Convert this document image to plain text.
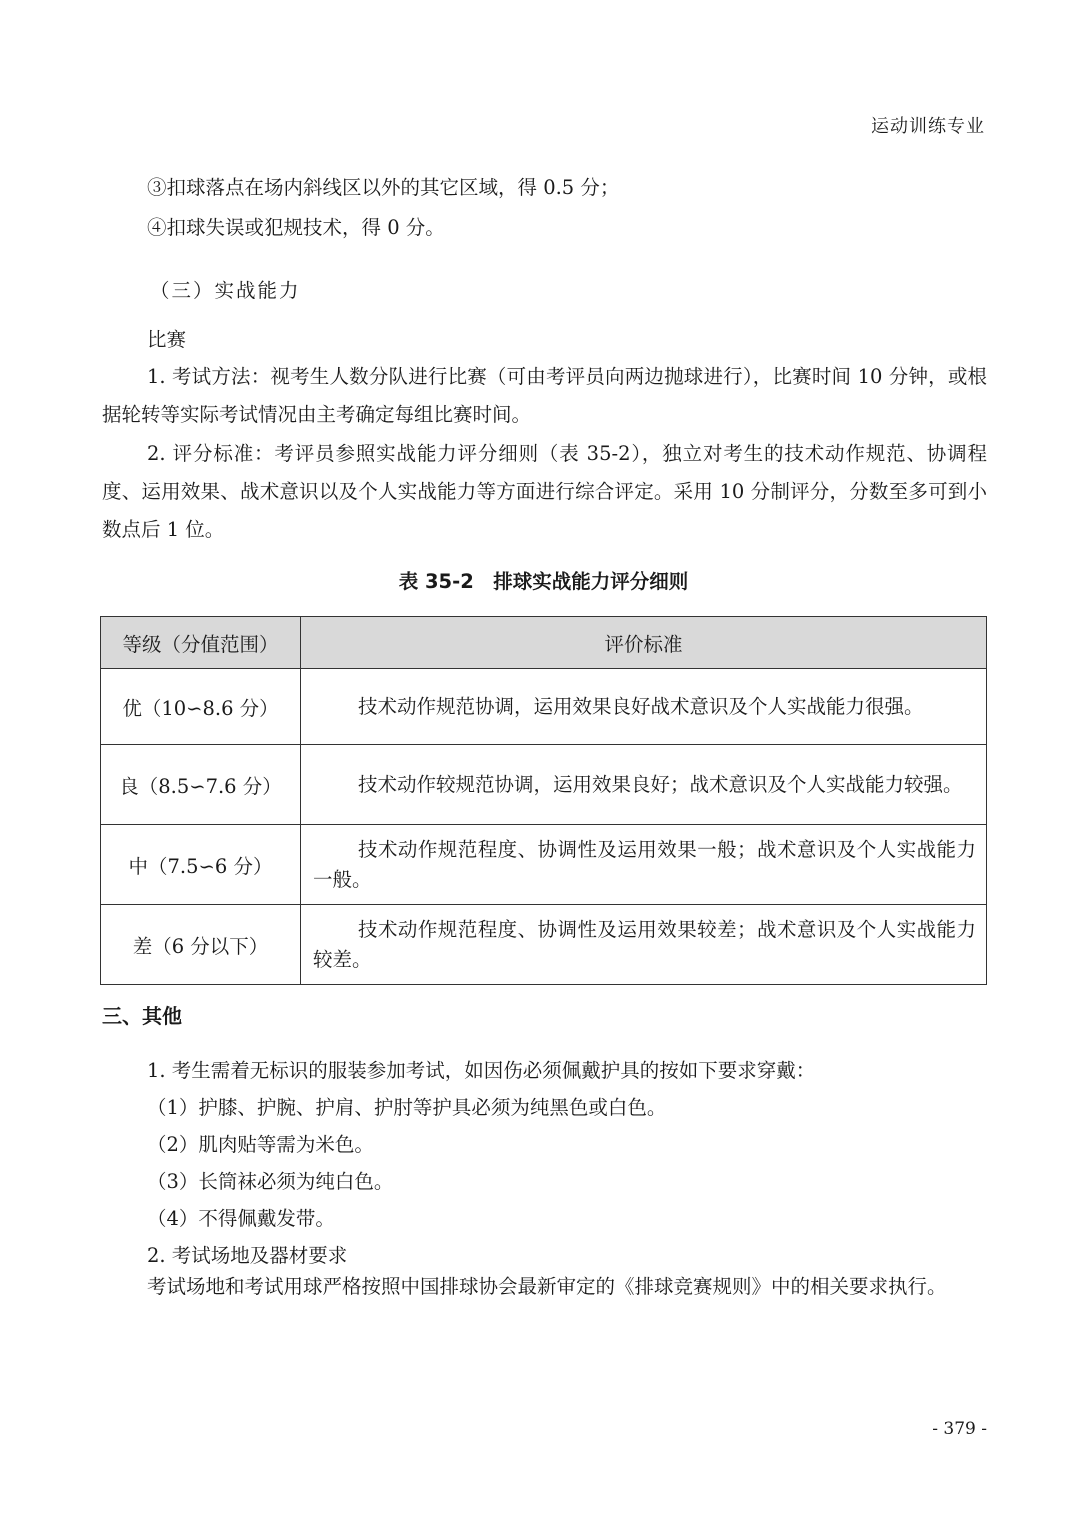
运动训练专业
③扣球落点在场内斜线区以外的其它区域，得 0.5 分；
④扣球失误或犯规技术，得 0 分。
（三）实战能力
比赛
1. 考试方法：视考生人数分队进行比赛（可由考评员向两边抛球进行），比赛时间 10 分钟，或根据轮转等实际考试情况由主考确定每组比赛时间。
2. 评分标准：考评员参照实战能力评分细则（表 35-2），独立对考生的技术动作规范、协调程度、运用效果、战术意识以及个人实战能力等方面进行综合评定。采用 10 分制评分，分数至多可到小数点后 1 位。
表 35-2　排球实战能力评分细则
等级（分值范围）	评价标准
优（10∽8.6 分）	技术动作规范协调，运用效果良好战术意识及个人实战能力很强。
良（8.5∽7.6 分）	技术动作较规范协调，运用效果良好；战术意识及个人实战能力较强。
中（7.5∽6 分）	技术动作规范程度、协调性及运用效果一般；战术意识及个人实战能力一般。
差（6 分以下）	技术动作规范程度、协调性及运用效果较差；战术意识及个人实战能力较差。
三、其他
1. 考生需着无标识的服装参加考试，如因伤必须佩戴护具的按如下要求穿戴：
（1）护膝、护腕、护肩、护肘等护具必须为纯黑色或白色。
（2）肌肉贴等需为米色。
（3）长筒袜必须为纯白色。
（4）不得佩戴发带。
2. 考试场地及器材要求
考试场地和考试用球严格按照中国排球协会最新审定的《排球竞赛规则》中的相关要求执行。
- 379 -
